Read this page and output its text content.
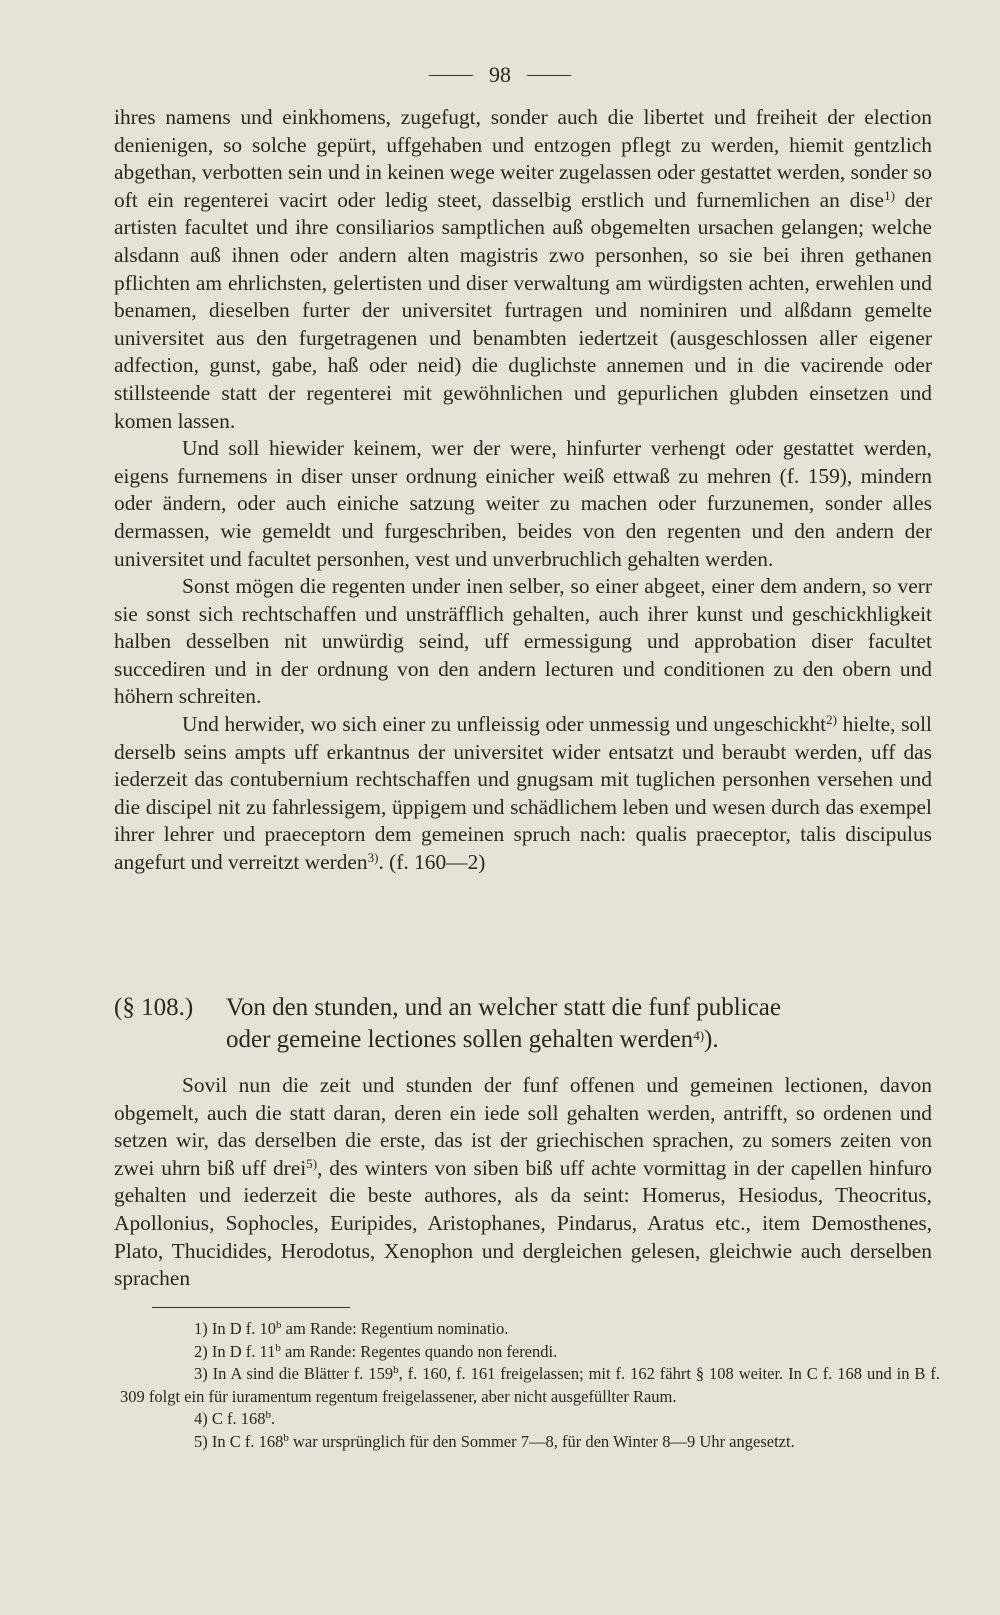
98

ihres namens und einkhomens, zugefugt, sonder auch die libertet und freiheit der election denienigen, so solche gepürt, uffgehaben und entzogen pflegt zu werden, hiemit gentzlich abgethan, verbotten sein und in keinen wege weiter zugelassen oder gestattet werden, sonder so oft ein regenterei vacirt oder ledig steet, dasselbig erstlich und furnemlichen an dise$^{1)}$ der artisten facultet und ihre consiliarios samptlichen auß obgemelten ursachen gelangen; welche alsdann auß ihnen oder andern alten magistris zwo personhen, so sie bei ihren gethanen pflichten am ehrlichsten, gelertisten und diser verwaltung am würdigsten achten, erwehlen und benamen, dieselben furter der universitet furtragen und nominiren und alßdann gemelte universitet aus den furgetragenen und benambten iedertzeit (ausgeschlossen aller eigener adfection, gunst, gabe, haß oder neid) die duglichste annemen und in die vacirende oder stillsteende statt der regenterei mit gewöhnlichen und gepurlichen glubden einsetzen und komen lassen.

Und soll hiewider keinem, wer der were, hinfurter verhengt oder gestattet werden, eigens furnemens in diser unser ordnung einicher weiß ettwaß zu mehren (f. 159), mindern oder ändern, oder auch einiche satzung weiter zu machen oder furzunemen, sonder alles dermassen, wie gemeldt und furgeschriben, beides von den regenten und den andern der universitet und facultet personhen, vest und unverbruchlich gehalten werden.

Sonst mögen die regenten under inen selber, so einer abgeet, einer dem andern, so verr sie sonst sich rechtschaffen und unsträfflich gehalten, auch ihrer kunst und geschickhligkeit halben desselben nit unwürdig seind, uff ermessigung und approbation diser facultet succediren und in der ordnung von den andern lecturen und conditionen zu den obern und höhern schreiten.

Und herwider, wo sich einer zu unfleissig oder unmessig und ungeschickht$^{2)}$ hielte, soll derselb seins ampts uff erkantnus der universitet wider entsatzt und beraubt werden, uff das iederzeit das contubernium rechtschaffen und gnugsam mit tuglichen personhen versehen und die discipel nit zu fahrlessigem, üppigem und schädlichem leben und wesen durch das exempel ihrer lehrer und praeceptorn dem gemeinen spruch nach: qualis praeceptor, talis discipulus angefurt und verreitzt werden$^{3)}$. (f. 160—2)

(§ 108.) Von den stunden, und an welcher statt die funf publicae
oder gemeine lectiones sollen gehalten werden$^{4)}$).

Sovil nun die zeit und stunden der funf offenen und gemeinen lectionen, davon obgemelt, auch die statt daran, deren ein iede soll gehalten werden, antrifft, so ordenen und setzen wir, das derselben die erste, das ist der griechischen sprachen, zu somers zeiten von zwei uhrn biß uff drei$^{5)}$, des winters von siben biß uff achte vormittag in der capellen hinfuro gehalten und iederzeit die beste authores, als da seint: Homerus, Hesiodus, Theocritus, Apollonius, Sophocles, Euripides, Aristophanes, Pindarus, Aratus etc., item Demosthenes, Plato, Thucidides, Herodotus, Xenophon und dergleichen gelesen, gleichwie auch derselben sprachen

1) In D f. 10$^b$ am Rande: Regentium nominatio.

2) In D f. 11$^b$ am Rande: Regentes quando non ferendi.

3) In A sind die Blätter f. 159$^b$, f. 160, f. 161 freigelassen; mit f. 162 fährt § 108 weiter. In C f. 168 und in B f. 309 folgt ein für iuramentum regentum freigelassener, aber nicht ausgefüllter Raum.

4) C f. 168$^b$.

5) In C f. 168$^b$ war ursprünglich für den Sommer 7—8, für den Winter 8—9 Uhr angesetzt.
